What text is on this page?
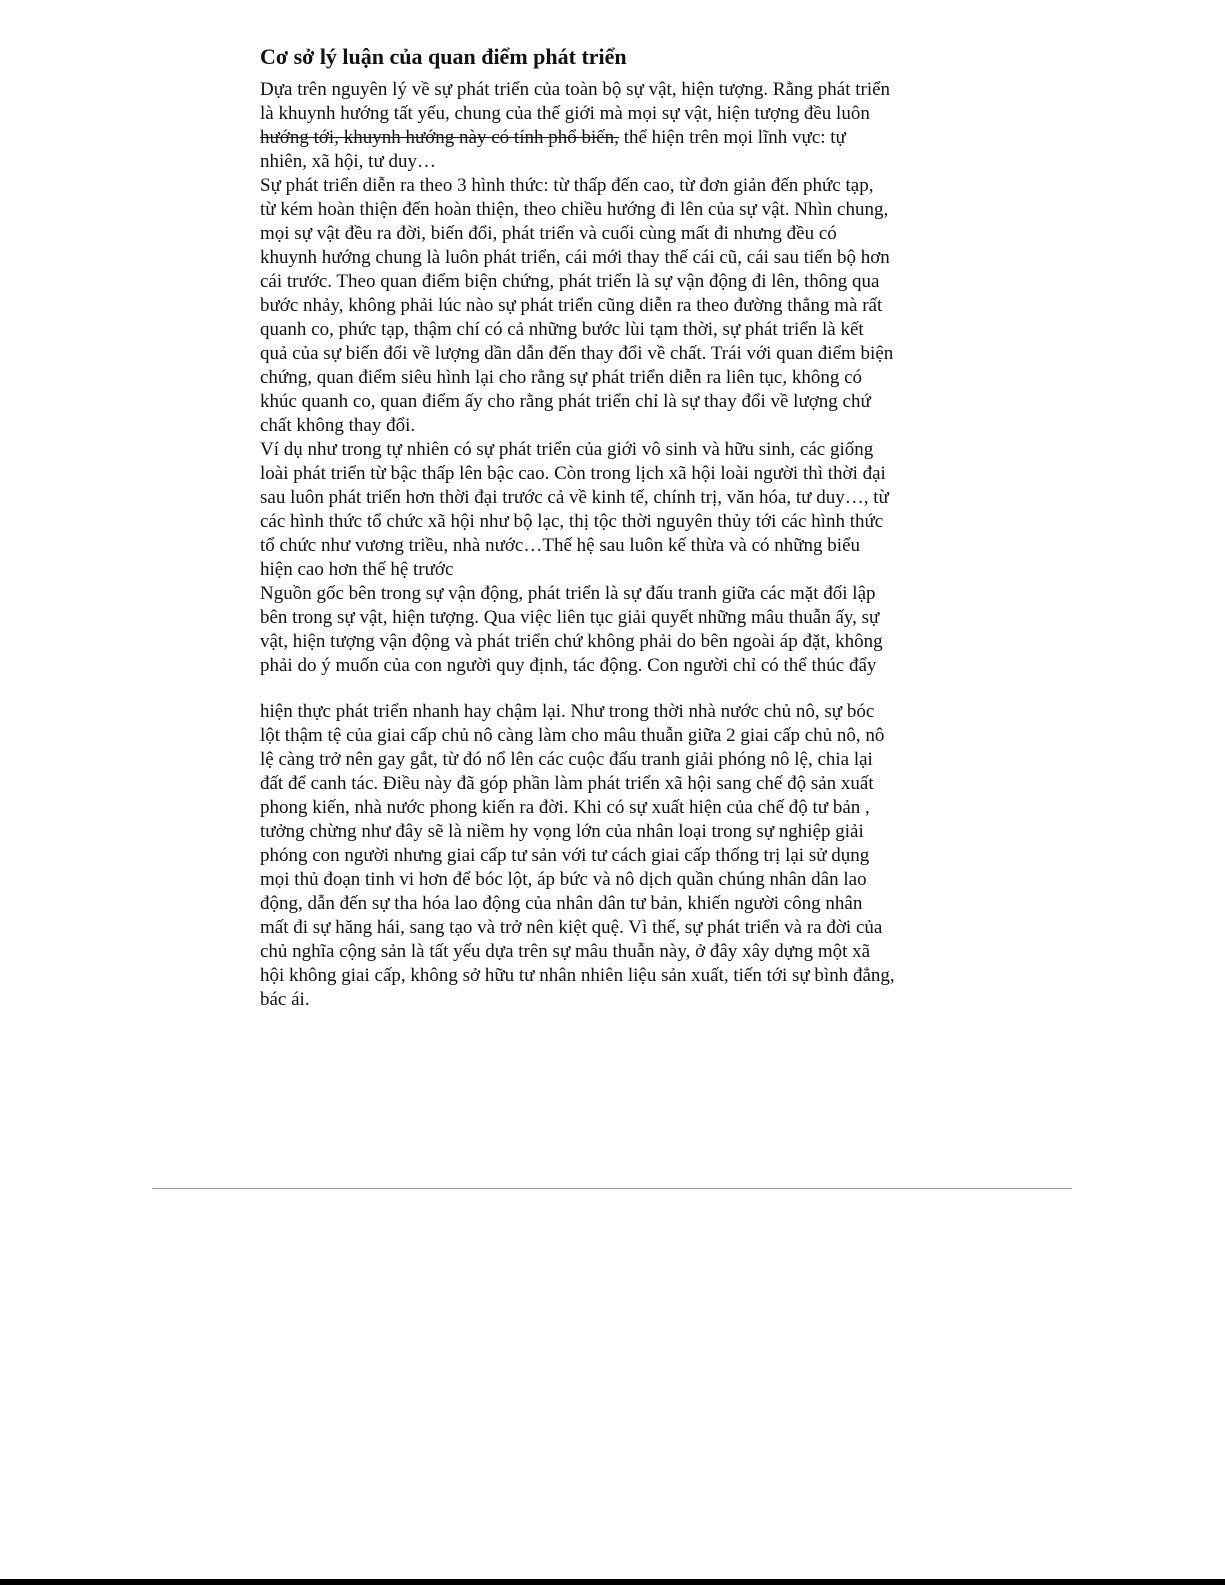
Cơ sở lý luận của quan điểm phát triển
Dựa trên nguyên lý về sự phát triển của toàn bộ sự vật, hiện tượng. Rằng phát triển
là khuynh hướng tất yếu, chung của thế giới mà mọi sự vật, hiện tượng đều luôn
hướng tới, khuynh hướng này có tính phổ biến, thể hiện trên mọi lĩnh vực: tự
nhiên, xã hội, tư duy…
Sự phát triển diễn ra theo 3 hình thức: từ thấp đến cao, từ đơn giản đến phức tạp,
từ kém hoàn thiện đến hoàn thiện, theo chiều hướng đi lên của sự vật. Nhìn chung,
mọi sự vật đều ra đời, biến đổi, phát triển và cuối cùng mất đi nhưng đều có
khuynh hướng chung là luôn phát triển, cái mới thay thế cái cũ, cái sau tiến bộ hơn
cái trước. Theo quan điểm biện chứng, phát triển là sự vận động đi lên, thông qua
bước nhảy, không phải lúc nào sự phát triển cũng diễn ra theo đường thẳng mà rất
quanh co, phức tạp, thậm chí có cả những bước lùi tạm thời, sự phát triển là kết
quả của sự biến đổi về lượng dần dẫn đến thay đổi về chất. Trái với quan điểm biện
chứng, quan điểm siêu hình lại cho rằng sự phát triển diễn ra liên tục, không có
khúc quanh co, quan điểm ấy cho rằng phát triển chỉ là sự thay đổi về lượng chứ
chất không thay đổi.
Ví dụ như trong tự nhiên có sự phát triển của giới vô sinh và hữu sinh, các giống
loài phát triển từ bậc thấp lên bậc cao. Còn trong lịch xã hội loài người thì thời đại
sau luôn phát triển hơn thời đại trước cả về kinh tế, chính trị, văn hóa, tư duy…, từ
các hình thức tổ chức xã hội như bộ lạc, thị tộc thời nguyên thủy tới các hình thức
tổ chức như vương triều, nhà nước…Thế hệ sau luôn kế thừa và có những biểu
hiện cao hơn thế hệ trước
Nguồn gốc bên trong sự vận động, phát triển là sự đấu tranh giữa các mặt đối lập
bên trong sự vật, hiện tượng. Qua việc liên tục giải quyết những mâu thuẫn ấy, sự
vật, hiện tượng vận động và phát triển chứ không phải do bên ngoài áp đặt, không
phải do ý muốn của con người quy định, tác động. Con người chỉ có thể thúc đẩy
hiện thực phát triển nhanh hay chậm lại. Như trong thời nhà nước chủ nô, sự bóc
lột thậm tệ của giai cấp chủ nô càng làm cho mâu thuẫn giữa 2 giai cấp chủ nô, nô
lệ càng trở nên gay gắt, từ đó nổ lên các cuộc đấu tranh giải phóng nô lệ, chia lại
đất để canh tác. Điều này đã góp phần làm phát triển xã hội sang chế độ sản xuất
phong kiến, nhà nước phong kiến ra đời. Khi có sự xuất hiện của chế độ tư bản ,
tưởng chừng như đây sẽ là niềm hy vọng lớn của nhân loại trong sự nghiệp giải
phóng con người nhưng giai cấp tư sản với tư cách giai cấp thống trị lại sử dụng
mọi thủ đoạn tinh vi hơn để bóc lột, áp bức và nô dịch quần chúng nhân dân lao
động, dẫn đến sự tha hóa lao động của nhân dân tư bản, khiến người công nhân
mất đi sự hăng hái, sang tạo và trở nên kiệt quệ. Vì thế, sự phát triển và ra đời của
chủ nghĩa cộng sản là tất yếu dựa trên sự mâu thuẫn này, ở đây xây dựng một xã
hội không giai cấp, không sở hữu tư nhân nhiên liệu sản xuất, tiến tới sự bình đẳng,
bác ái.
